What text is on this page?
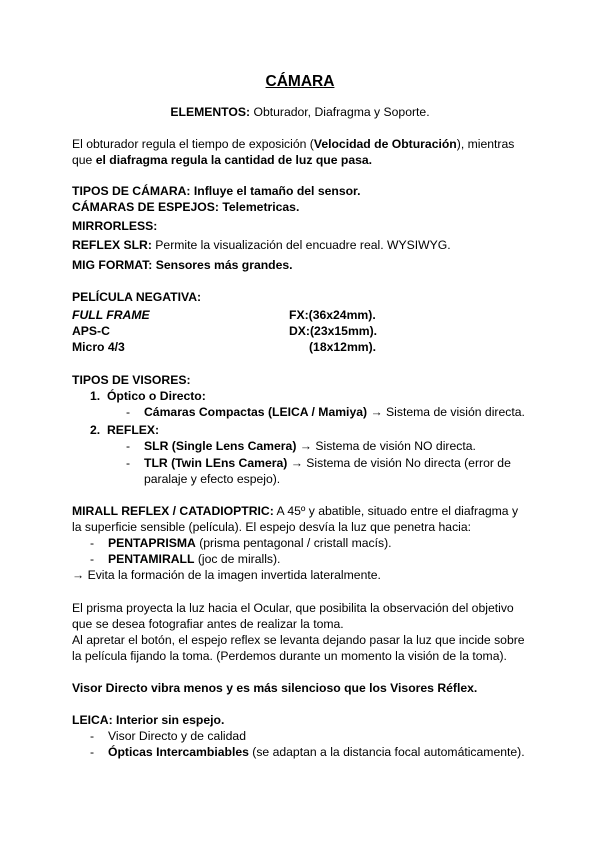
CÁMARA
ELEMENTOS: Obturador, Diafragma y Soporte.
El obturador regula el tiempo de exposición (Velocidad de Obturación), mientras
que el diafragma regula la cantidad de luz que pasa.
TIPOS DE CÁMARA: Influye el tamaño del sensor.
CÁMARAS DE ESPEJOS: Telemetricas.
MIRRORLESS:
REFLEX SLR: Permite la visualización del encuadre real. WYSIWYG.
MIG FORMAT: Sensores más grandes.
PELÍCULA NEGATIVA:
FULL FRAME	FX:(36x24mm).
APS-C	DX:(23x15mm).
Micro 4/3	(18x12mm).
TIPOS DE VISORES:
1. Óptico o Directo:
- Cámaras Compactas (LEICA / Mamiya) → Sistema de visión directa.
2. REFLEX:
- SLR (Single Lens Camera) → Sistema de visión NO directa.
- TLR (Twin LEns Camera) → Sistema de visión No directa (error de
paralaje y efecto espejo).
MIRALL REFLEX / CATADIOPTRIC: A 45º y abatible, situado entre el diafragma y
la superficie sensible (película). El espejo desvía la luz que penetra hacia:
- PENTAPRISMA (prisma pentagonal / cristall macís).
- PENTAMIRALL (joc de miralls).
→ Evita la formación de la imagen invertida lateralmente.
El prisma proyecta la luz hacia el Ocular, que posibilita la observación del objetivo
que se desea fotografiar antes de realizar la toma.
Al apretar el botón, el espejo reflex se levanta dejando pasar la luz que incide sobre
la película fijando la toma. (Perdemos durante un momento la visión de la toma).
Visor Directo vibra menos y es más silencioso que los Visores Réflex.
LEICA: Interior sin espejo.
- Visor Directo y de calidad
- Ópticas Intercambiables (se adaptan a la distancia focal automáticamente).
